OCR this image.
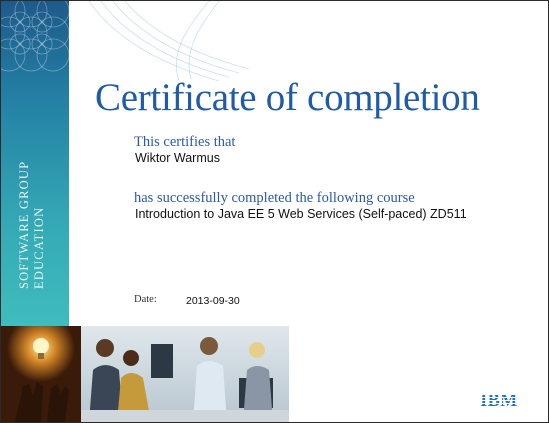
SOFTWARE GROUP EDUCATION
Certificate of completion
This certifies that
Wiktor Warmus
has successfully completed the following course
Introduction to Java EE 5 Web Services (Self-paced) ZD511
Date:	2013-09-30
IBM
